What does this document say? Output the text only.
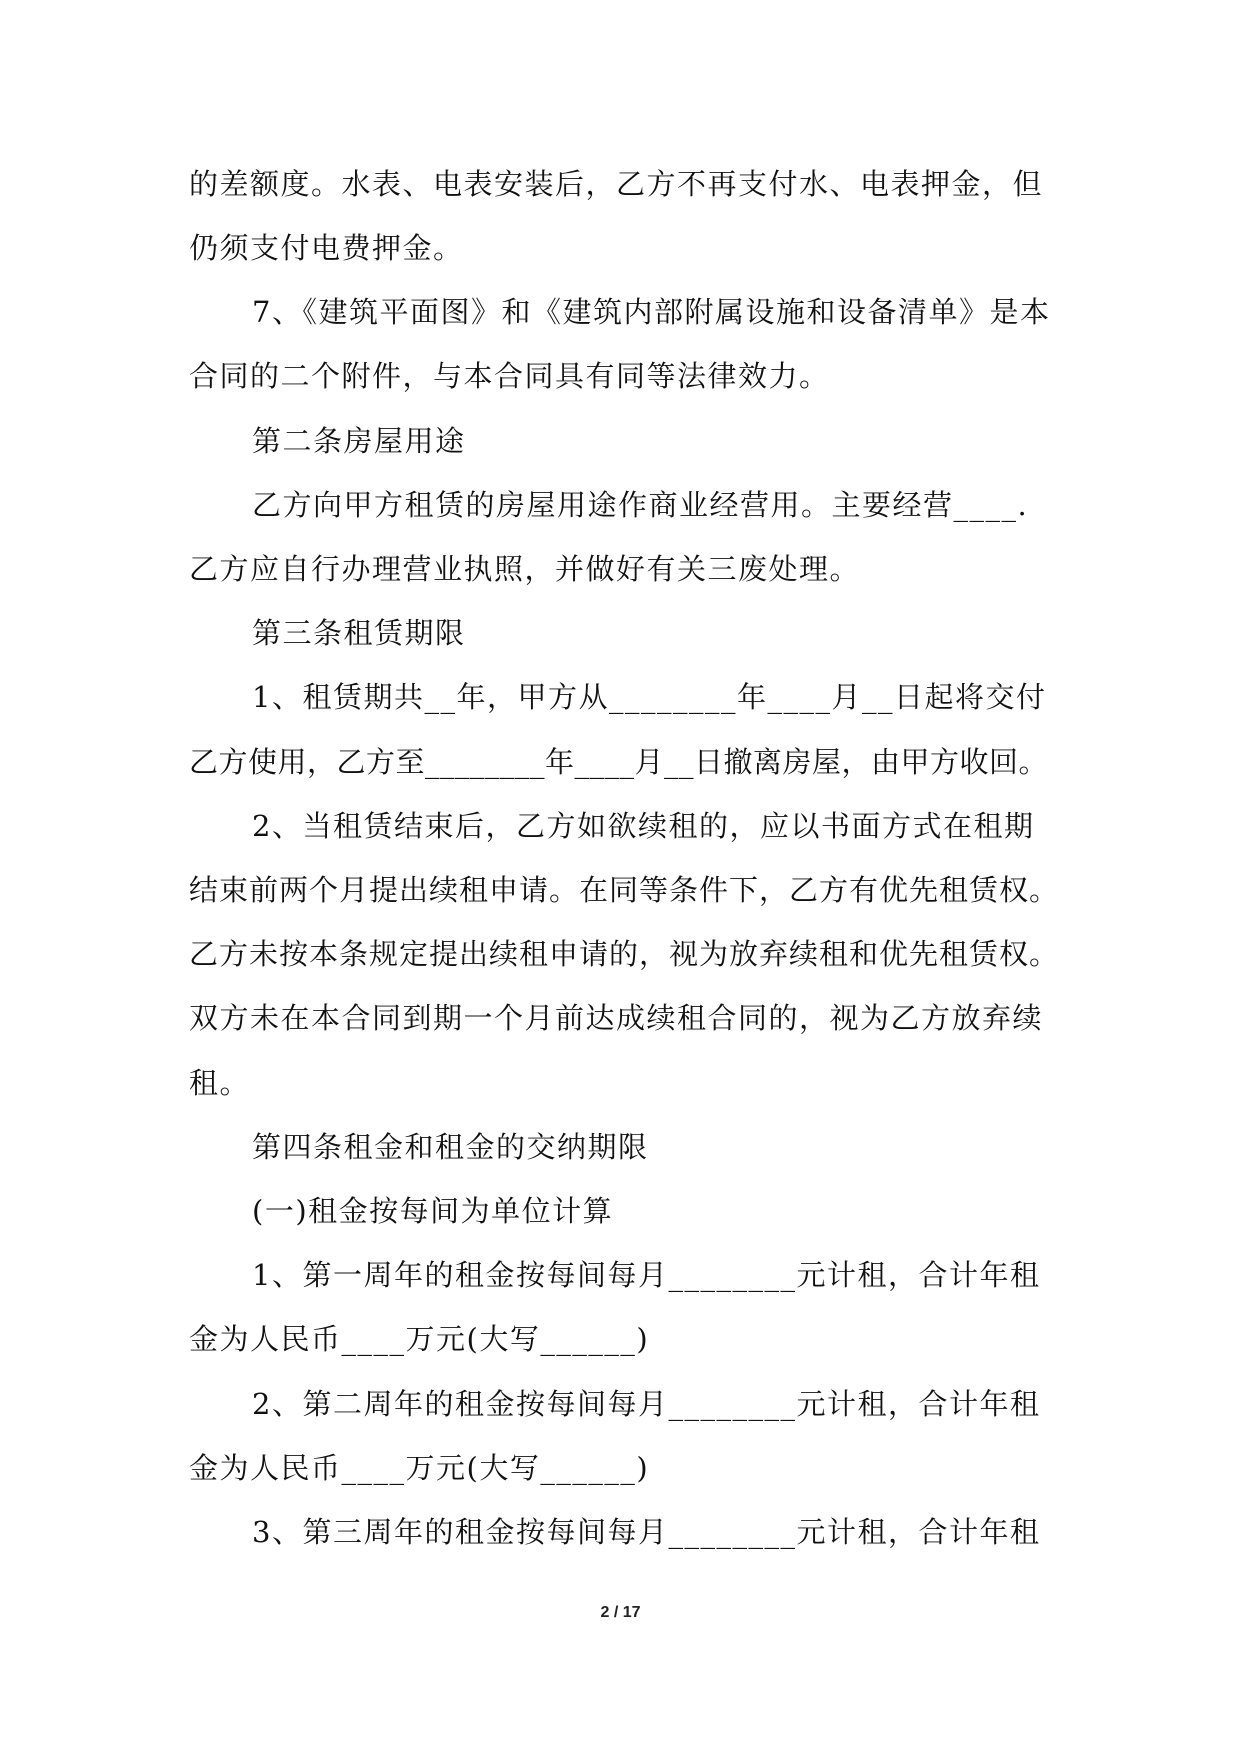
的差额度。水表、电表安装后，乙方不再支付水、电表押金，但
仍须支付电费押金。
7、《建筑平面图》和《建筑内部附属设施和设备清单》是本
合同的二个附件，与本合同具有同等法律效力。
第二条房屋用途
乙方向甲方租赁的房屋用途作商业经营用。主要经营____.
乙方应自行办理营业执照，并做好有关三废处理。
第三条租赁期限
1、租赁期共__年，甲方从________年____月__日起将交付
乙方使用，乙方至________年____月__日撤离房屋，由甲方收回。
2、当租赁结束后，乙方如欲续租的，应以书面方式在租期
结束前两个月提出续租申请。在同等条件下，乙方有优先租赁权。
乙方未按本条规定提出续租申请的，视为放弃续租和优先租赁权。
双方未在本合同到期一个月前达成续租合同的，视为乙方放弃续
租。
第四条租金和租金的交纳期限
(一)租金按每间为单位计算
1、第一周年的租金按每间每月________元计租，合计年租
金为人民币____万元(大写______)
2、第二周年的租金按每间每月________元计租，合计年租
金为人民币____万元(大写______)
3、第三周年的租金按每间每月________元计租，合计年租
2 / 17
